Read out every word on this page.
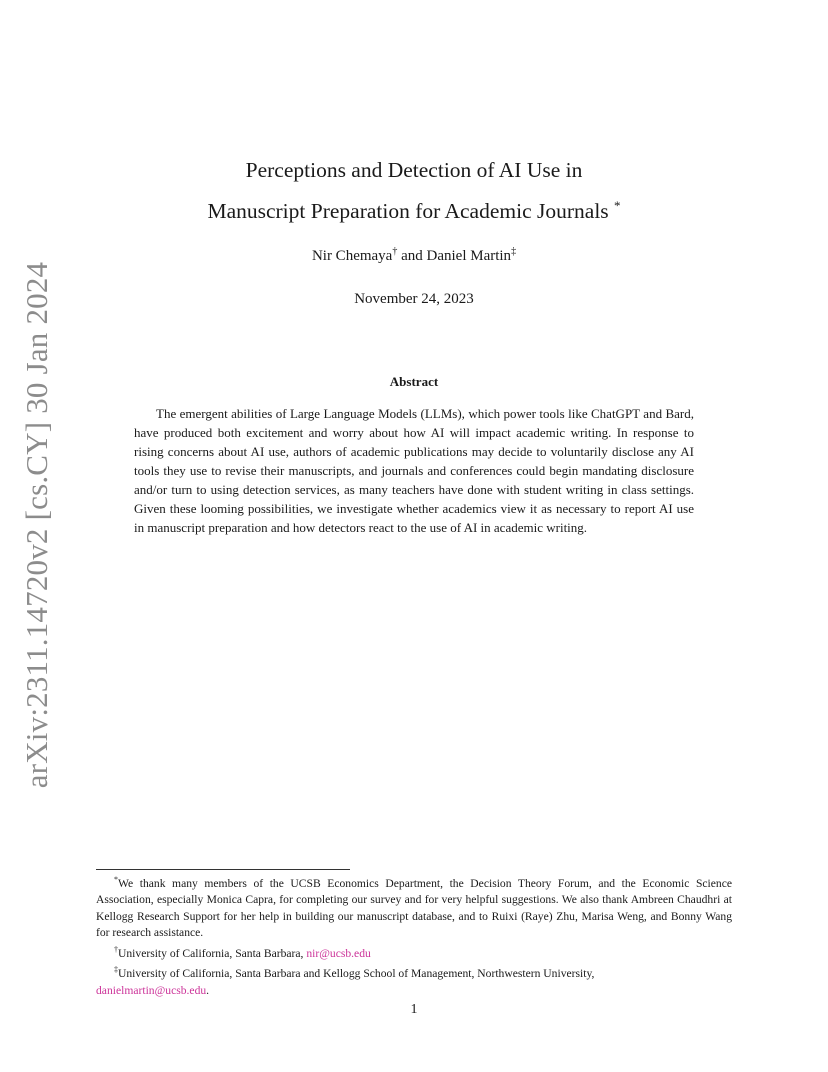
arXiv:2311.14720v2 [cs.CY] 30 Jan 2024
Perceptions and Detection of AI Use in
Manuscript Preparation for Academic Journals *
Nir Chemaya† and Daniel Martin‡
November 24, 2023
Abstract

The emergent abilities of Large Language Models (LLMs), which power tools like ChatGPT and Bard, have produced both excitement and worry about how AI will impact academic writing. In response to rising concerns about AI use, authors of academic publications may decide to voluntarily disclose any AI tools they use to revise their manuscripts, and journals and conferences could begin mandating disclosure and/or turn to using detection services, as many teachers have done with student writing in class settings. Given these looming possibilities, we investigate whether academics view it as necessary to report AI use in manuscript preparation and how detectors react to the use of AI in academic writing.

*We thank many members of the UCSB Economics Department, the Decision Theory Forum, and the Economic Science Association, especially Monica Capra, for completing our survey and for very helpful suggestions. We also thank Ambreen Chaudhri at Kellogg Research Support for her help in building our manuscript database, and to Ruixi (Raye) Zhu, Marisa Weng, and Bonny Wang for research assistance.

†University of California, Santa Barbara, nir@ucsb.edu

‡University of California, Santa Barbara and Kellogg School of Management, Northwestern University,

danielmartin@ucsb.edu.

1
